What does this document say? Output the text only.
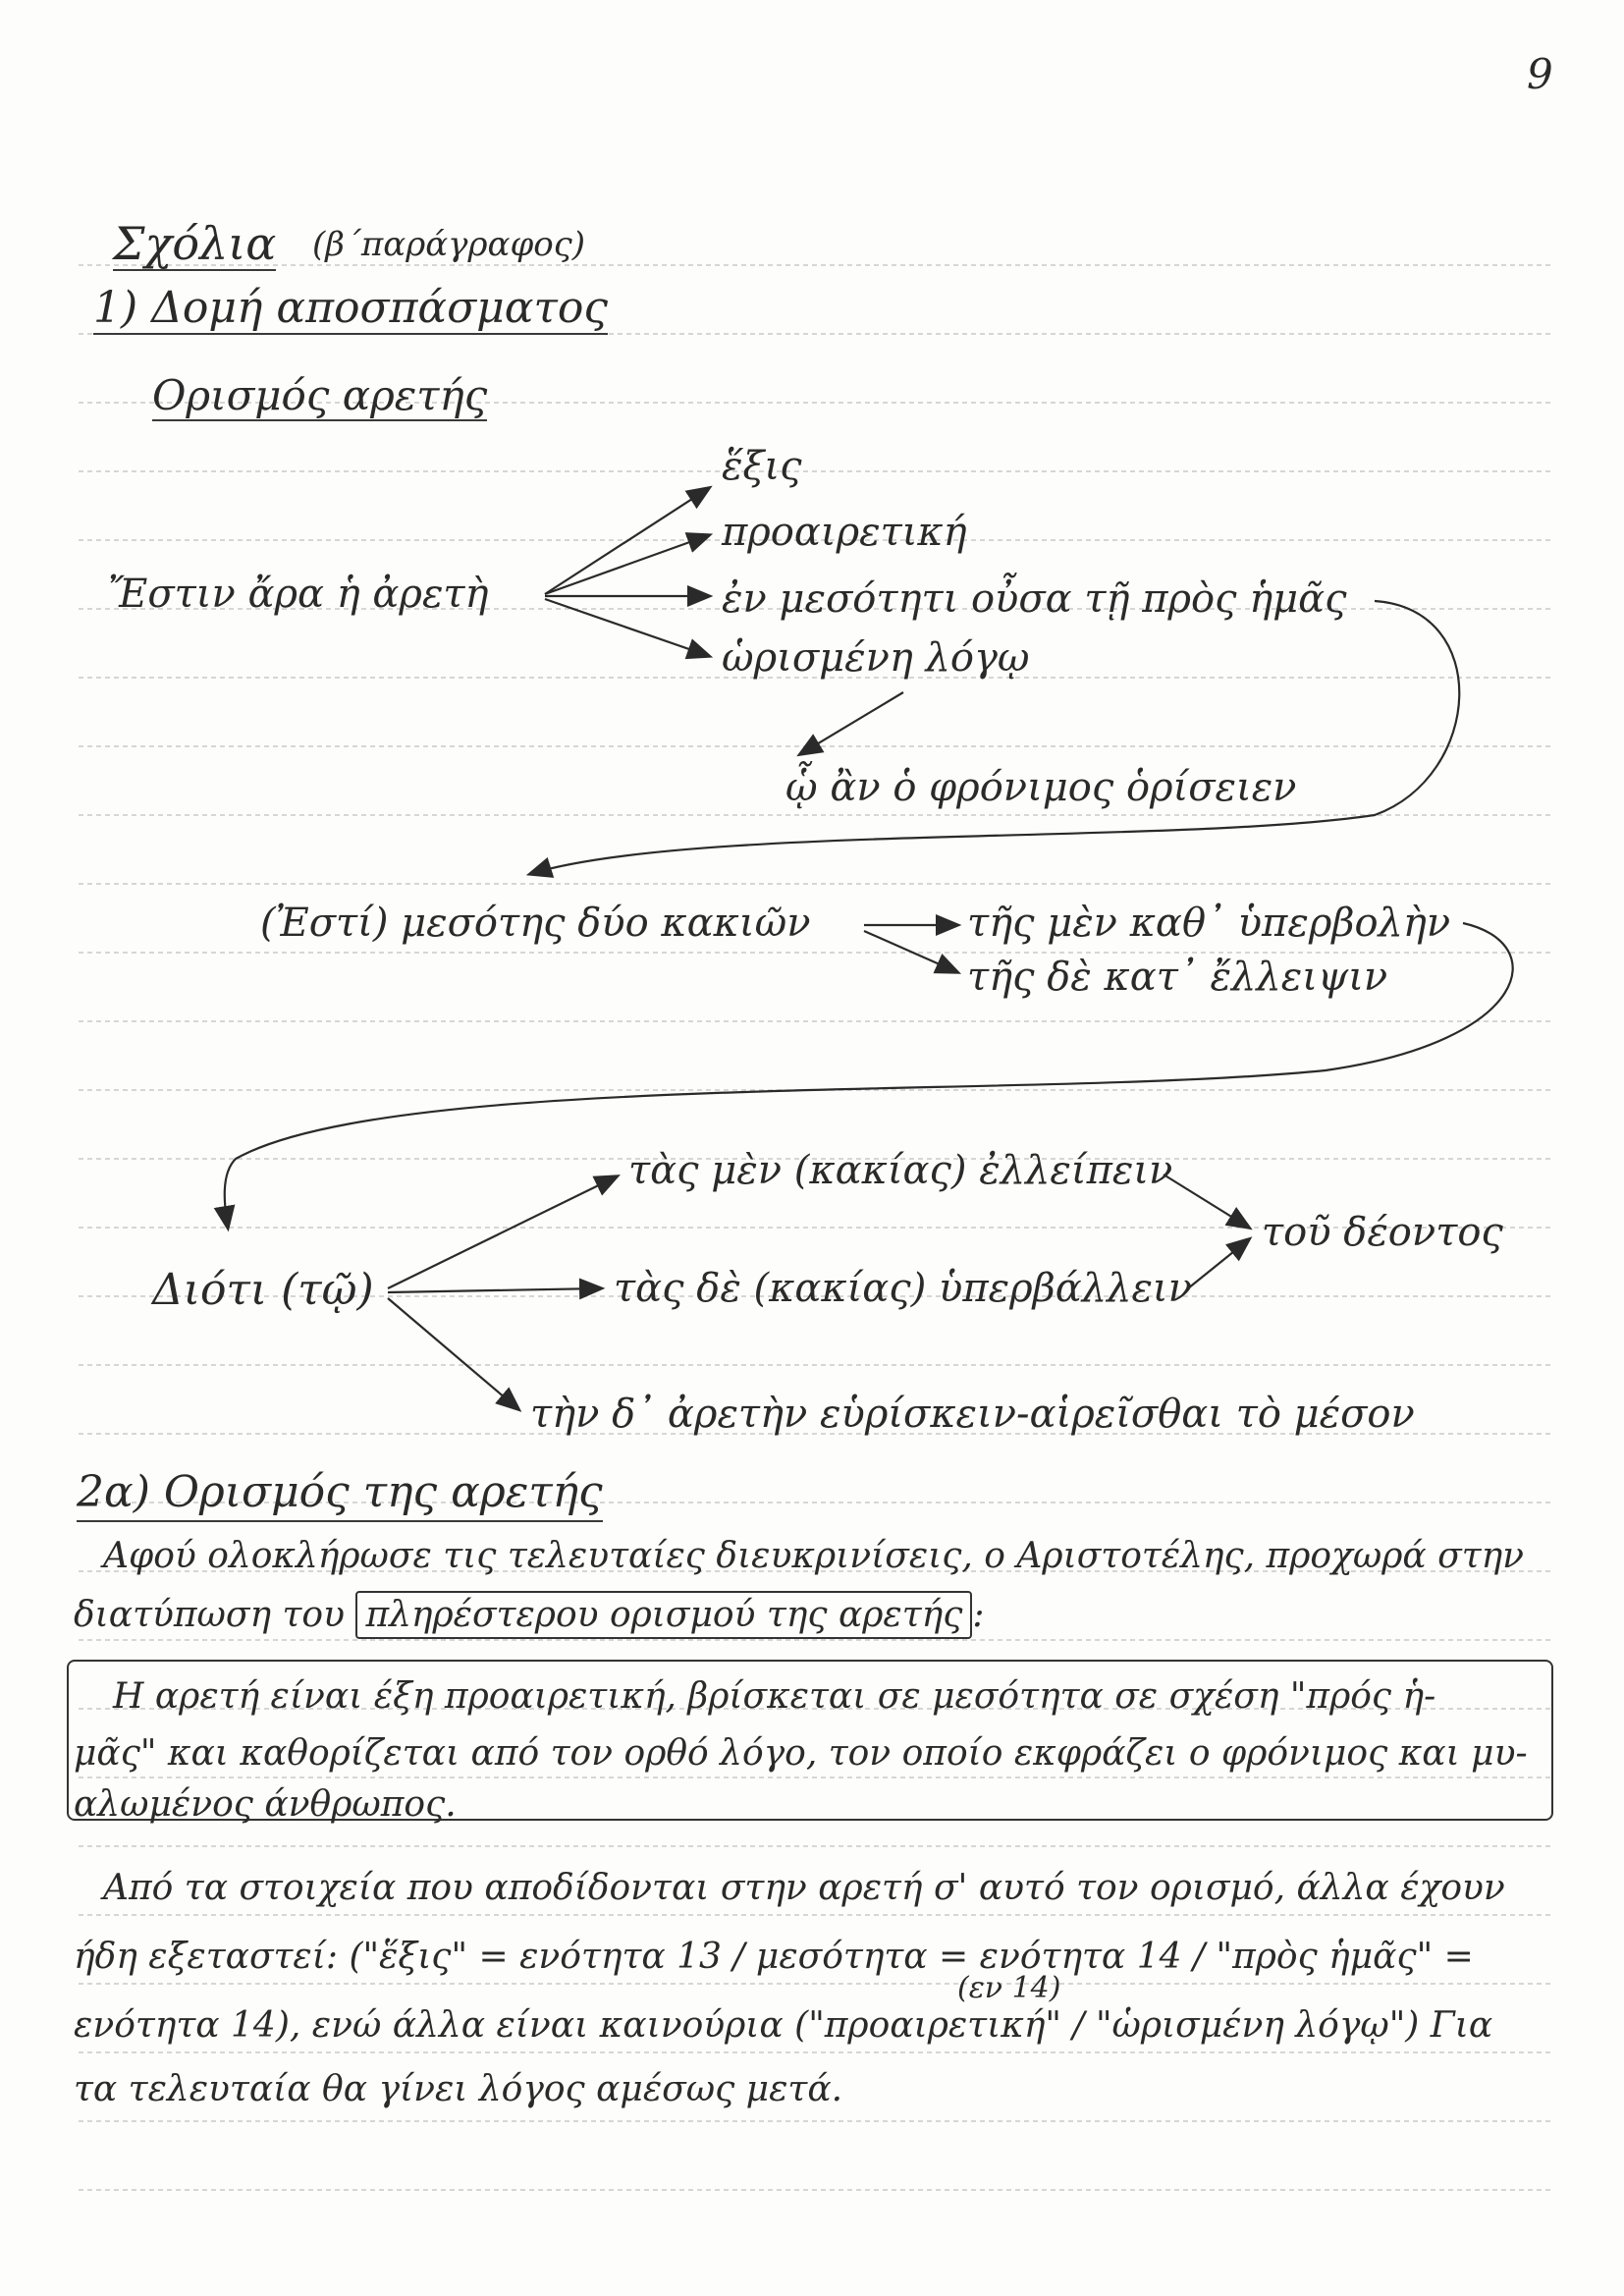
9
Σχόλια (β΄παράγραφος)
1) Δομή αποσπάσματος
Ορισμός αρετής
Ἔστιν ἄρα ἡ ἀρετὴ
ἕξις
προαιρετική
ἐν μεσότητι οὖσα τῇ πρὸς ἡμᾶς
ὡρισμένη λόγῳ
ᾧ ἂν ὁ φρόνιμος ὁρίσειεν
(Ἐστί) μεσότης δύο κακιῶν	τῆς μὲν καθ᾽ ὑπερβολὴν
τῆς δὲ κατ᾽ ἔλλειψιν
Διότι (τῷ)
τὰς μὲν (κακίας) ἐλλείπειν
τὰς δὲ (κακίας) ὑπερβάλλειν
τοῦ δέοντος
τὴν δ᾽ ἀρετὴν εὑρίσκειν-αἱρεῖσθαι τὸ μέσον
2α) Ορισμός της αρετής
Αφού ολοκλήρωσε τις τελευταίες διευκρινίσεις, ο Αριστοτέλης, προχωρά στην
διατύπωση του πληρέστερου ορισμού της αρετής :
Η αρετή είναι έξη προαιρετική, βρίσκεται σε μεσότητα σε σχέση "πρός ἡ-
μᾶς" και καθορίζεται από τον ορθό λόγο, τον οποίο εκφράζει ο φρόνιμος και μυ-
αλωμένος άνθρωπος.
Από τα στοιχεία που αποδίδονται στην αρετή σ' αυτό τον ορισμό, άλλα έχουν
ήδη εξεταστεί: ("ἕξις" = ενότητα 13 / μεσότητα = ενότητα 14 / "πρὸς ἡμᾶς" =
(εν 14)
ενότητα 14), ενώ άλλα είναι καινούρια ("προαιρετική" / "ὡρισμένη λόγῳ") Για
τα τελευταία θα γίνει λόγος αμέσως μετά.
